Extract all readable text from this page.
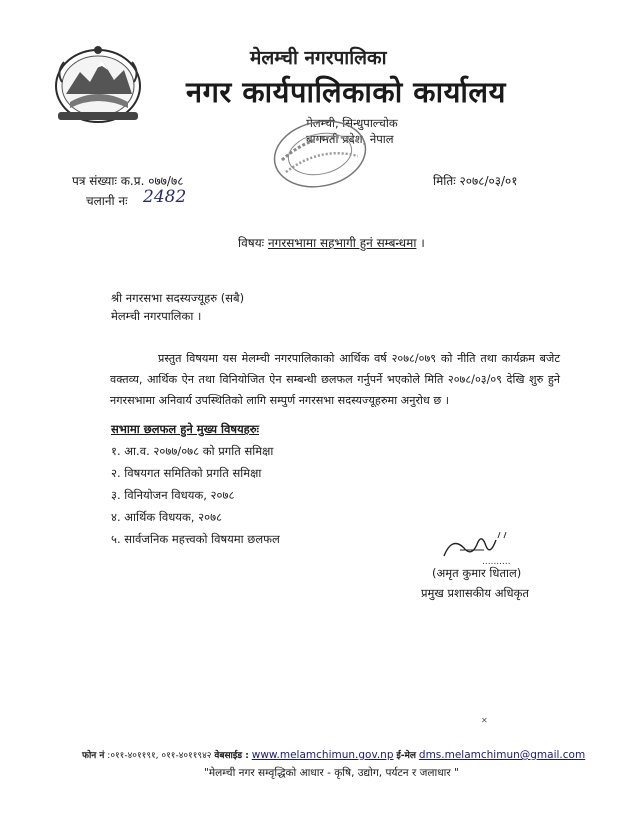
मेलम्ची नगरपालिका
नगर कार्यपालिकाको कार्यालय
मेलम्ची, सिन्धुपाल्चोक
बागमती प्रदेश, नेपाल
पत्र संख्याः क.प्र. ०७७/७८
चलानी नः 2482
मितिः २०७८/०३/०१
विषयः नगरसभामा सहभागी हुनं सम्बन्धमा ।
श्री नगरसभा सदस्यज्यूहरु (सबै)
मेलम्ची नगरपालिका ।
प्रस्तुत विषयमा यस मेलम्ची नगरपालिकाको आर्थिक वर्ष २०७८/०७९ को नीति तथा कार्यक्रम बजेट वक्तव्य, आर्थिक ऐन तथा विनियोजित ऐन सम्बन्धी छलफल गर्नुपर्ने भएकोले मिति २०७८/०३/०९ देखि शुरु हुने नगरसभामा अनिवार्य उपस्थितिको लागि सम्पुर्ण नगरसभा सदस्यज्यूहरुमा अनुरोध छ ।
सभामा छलफल हुने मुख्य विषयहरुः
१. आ.व. २०७७/०७८ को प्रगति समिक्षा
२. विषयगत समितिको प्रगति समिक्षा
३. विनियोजन विधयक, २०७८
४. आर्थिक विधयक, २०७८
५. सार्वजनिक महत्त्वको विषयमा छलफल
..........
(अमृत कुमार धिताल)
प्रमुख प्रशासकीय अधिकृत
✕
फोन नं :०११-४०११९१, ०११-४०११९४२ वेबसाईड : www.melamchimun.gov.np ई-मेल dms.melamchimun@gmail.com
"मेलम्ची नगर सम्वृद्धिको आधार - कृषि, उद्योग, पर्यटन र जलाधार "
